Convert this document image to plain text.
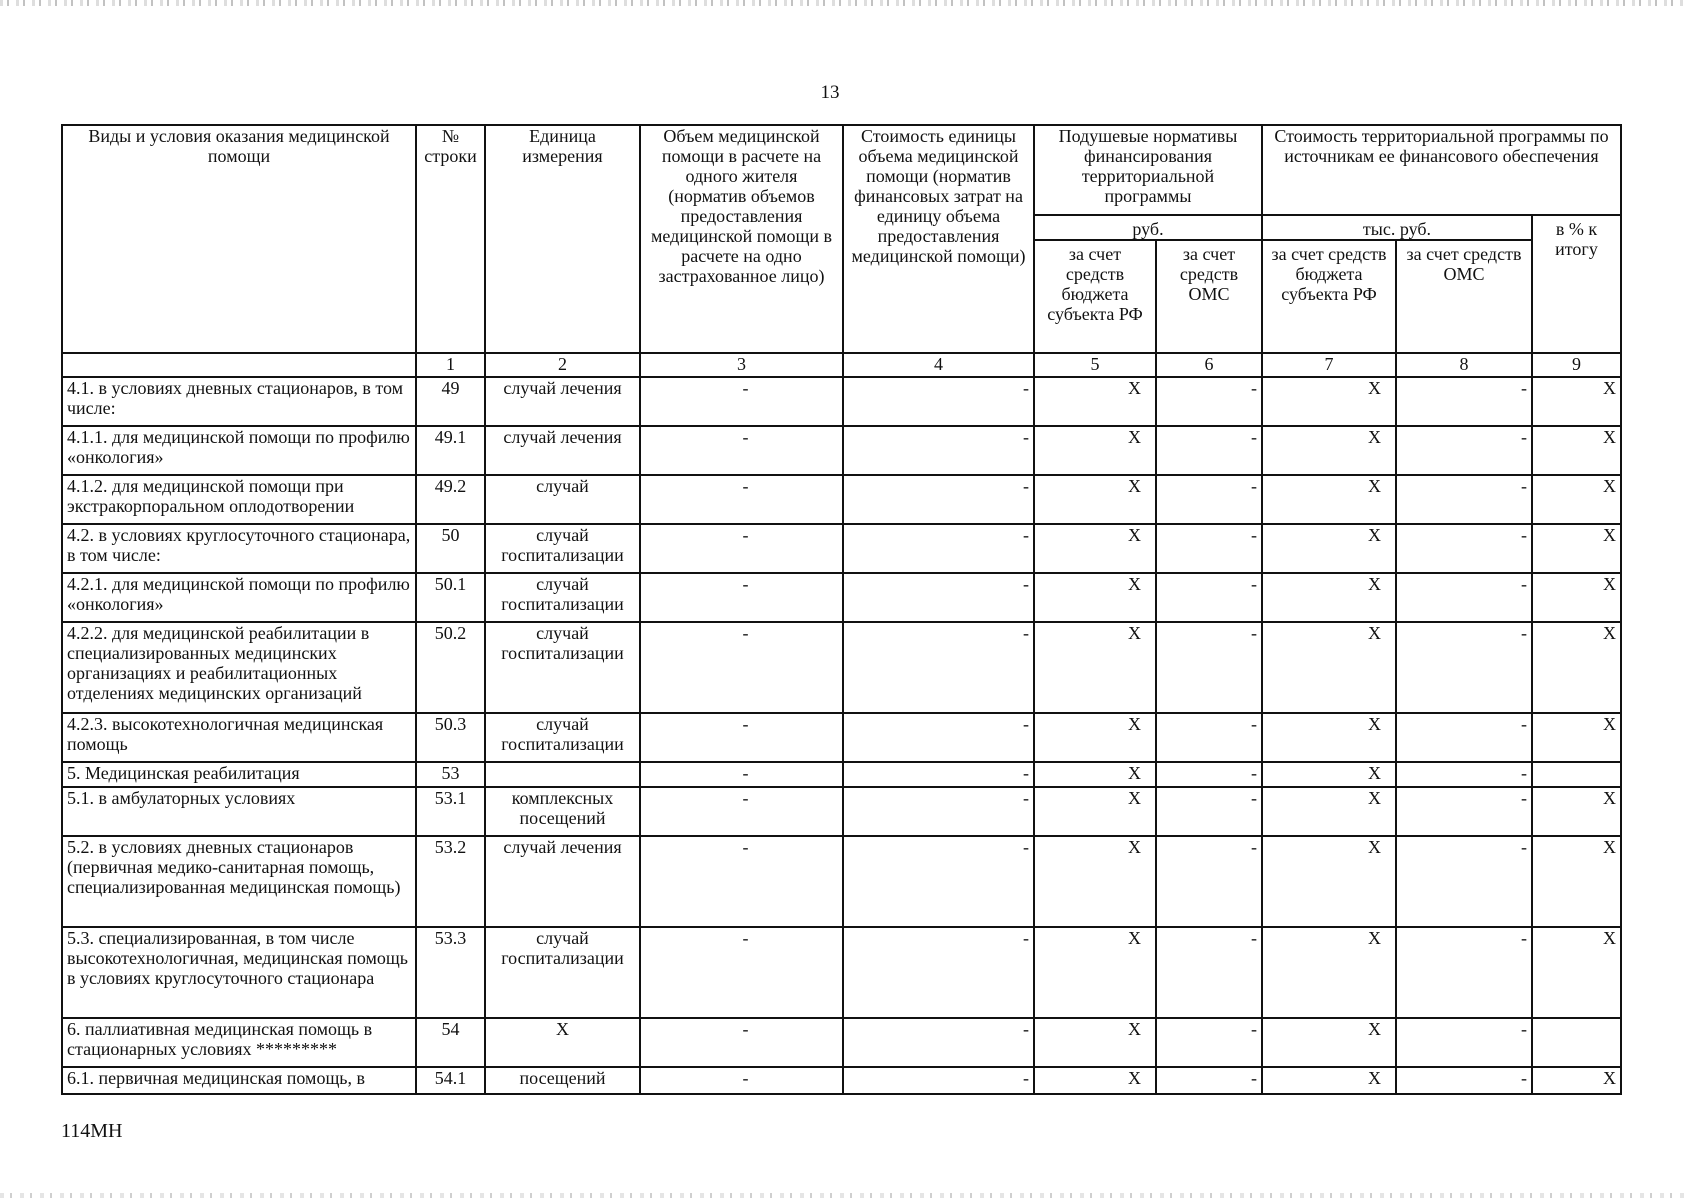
13
Виды и условия оказания медицинской помощи	№ строки	Единица измерения	Объем медицинской помощи в расчете на одного жителя (норматив объемов предоставления медицинской помощи в расчете на одно застрахованное лицо)	Стоимость единицы объема медицинской помощи (норматив финансовых затрат на единицу объема предоставления медицинской помощи)	Подушевые нормативы финансирования территориальной программы		Стоимость территориальной программы по источникам ее финансового обеспечения		
					руб.		тыс. руб.		в % к итогу
					за счет средств бюджета субъекта РФ	за счет средств ОМС	за счет средств бюджета субъекта РФ	за счет средств ОМС	
	1	2	3	4	5	6	7	8	9
4.1. в условиях дневных стационаров, в том числе:	49	случай лечения	-	-	X	-	X	-	X
4.1.1. для медицинской помощи по профилю «онкология»	49.1	случай лечения	-	-	X	-	X	-	X
4.1.2. для медицинской помощи при экстракорпоральном оплодотворении	49.2	случай	-	-	X	-	X	-	X
4.2. в условиях круглосуточного стационара, в том числе:	50	случай госпитализации	-	-	X	-	X	-	X
4.2.1. для медицинской помощи по профилю «онкология»	50.1	случай госпитализации	-	-	X	-	X	-	X
4.2.2. для медицинской реабилитации в специализированных медицинских организациях и реабилитационных отделениях медицинских организаций	50.2	случай госпитализации	-	-	X	-	X	-	X
4.2.3. высокотехнологичная медицинская помощь	50.3	случай госпитализации	-	-	X	-	X	-	X
5. Медицинская реабилитация	53		-	-	X	-	X	-	
5.1. в амбулаторных условиях	53.1	комплексных посещений	-	-	X	-	X	-	X
5.2. в условиях дневных стационаров (первичная медико-санитарная помощь, специализированная медицинская помощь)	53.2	случай лечения	-	-	X	-	X	-	X
5.3. специализированная, в том числе высокотехнологичная, медицинская помощь в условиях круглосуточного стационара	53.3	случай госпитализации	-	-	X	-	X	-	X
6. паллиативная медицинская помощь в стационарных условиях *********	54	X	-	-	X	-	X	-	
6.1. первичная медицинская помощь, в	54.1	посещений	-	-	X	-	X	-	X
114МН
